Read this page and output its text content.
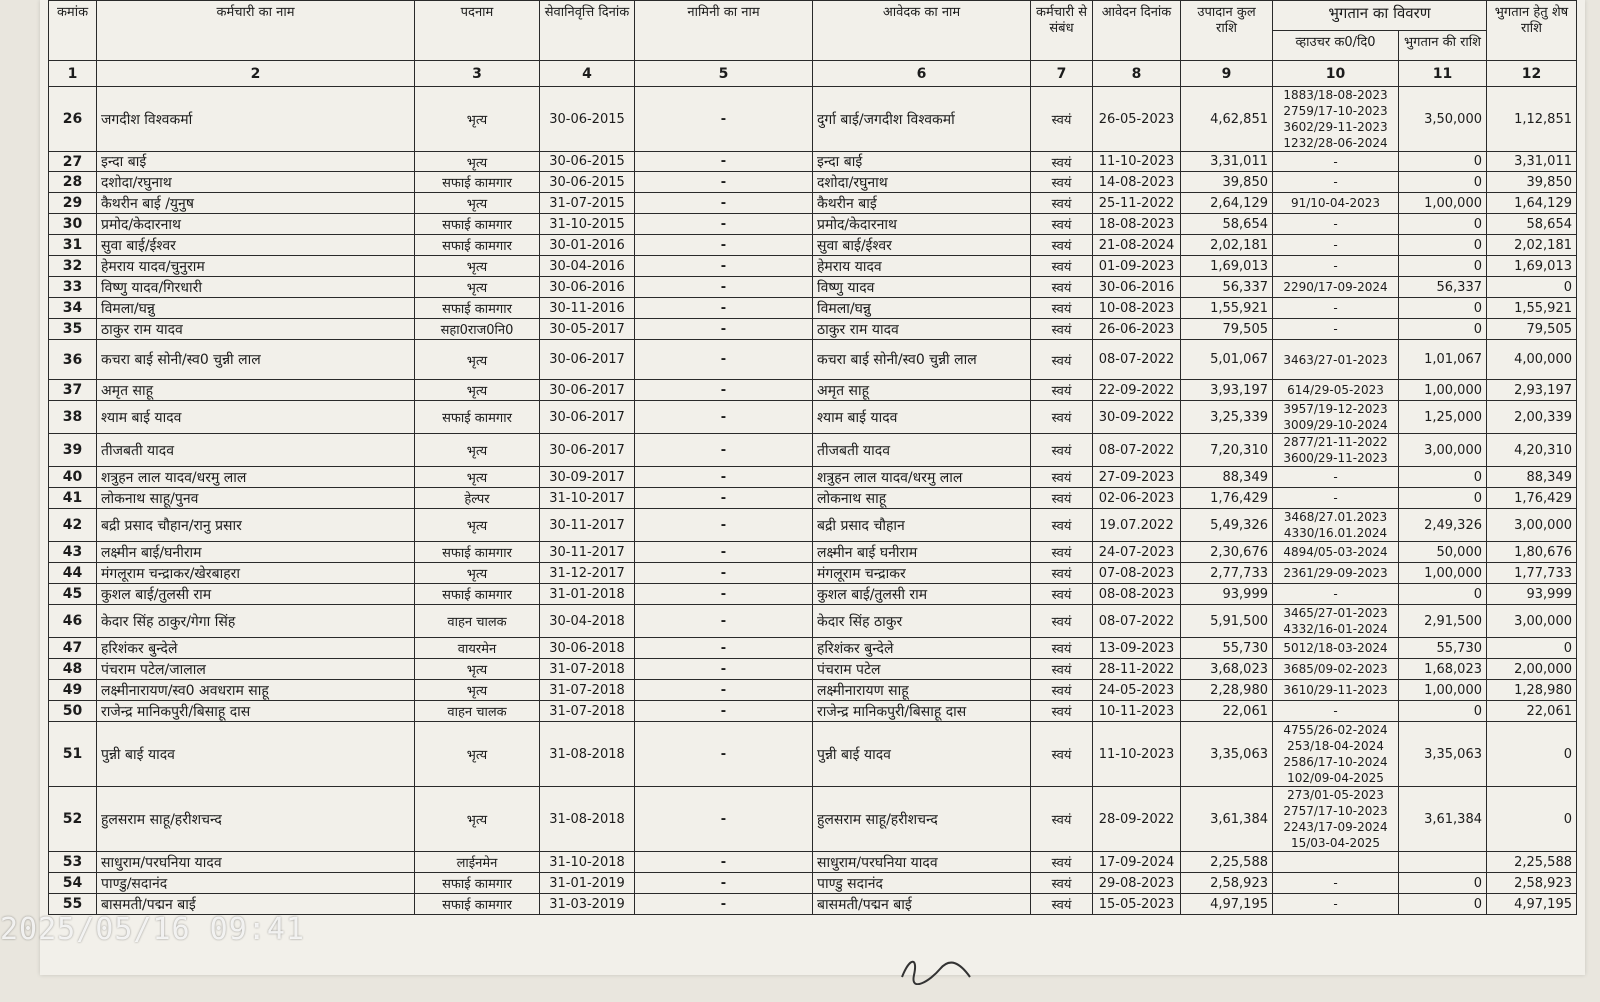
कमांक	कर्मचारी का नाम	पदनाम	सेवानिवृत्ति दिनांक	नामिनी का नाम	आवेदक का नाम	कर्मचारी से संबंध	आवेदन दिनांक	उपादान कुल राशि	भुगतान का विवरण		भुगतान हेतु शेष राशि
									व्हाउचर क0/दि0	भुगतान की राशि	
1	2	3	4	5	6	7	8	9	10	11	12
26	जगदीश विश्वकर्मा	भृत्य	30-06-2015	-	दुर्गा बाई/जगदीश विश्वकर्मा	स्वयं	26-05-2023	4,62,851	1883/18-08-2023 2759/17-10-2023 3602/29-11-2023 1232/28-06-2024	3,50,000	1,12,851
27	इन्दा बाई	भृत्य	30-06-2015	-	इन्दा बाई	स्वयं	11-10-2023	3,31,011	-	0	3,31,011
28	दशोदा/रघुनाथ	सफाई कामगार	30-06-2015	-	दशोदा/रघुनाथ	स्वयं	14-08-2023	39,850	-	0	39,850
29	कैथरीन बाई /युनुष	भृत्य	31-07-2015	-	कैथरीन बाई	स्वयं	25-11-2022	2,64,129	91/10-04-2023	1,00,000	1,64,129
30	प्रमोद/केदारनाथ	सफाई कामगार	31-10-2015	-	प्रमोद/केदारनाथ	स्वयं	18-08-2023	58,654	-	0	58,654
31	सुवा बाई/ईश्वर	सफाई कामगार	30-01-2016	-	सुवा बाई/ईश्वर	स्वयं	21-08-2024	2,02,181	-	0	2,02,181
32	हेमराय यादव/चुनुराम	भृत्य	30-04-2016	-	हेमराय यादव	स्वयं	01-09-2023	1,69,013	-	0	1,69,013
33	विष्णु यादव/गिरधारी	भृत्य	30-06-2016	-	विष्णु यादव	स्वयं	30-06-2016	56,337	2290/17-09-2024	56,337	0
34	विमला/घन्नु	सफाई कामगार	30-11-2016	-	विमला/घन्नु	स्वयं	10-08-2023	1,55,921	-	0	1,55,921
35	ठाकुर राम यादव	सहा0राज0नि0	30-05-2017	-	ठाकुर राम यादव	स्वयं	26-06-2023	79,505	-	0	79,505
36	कचरा बाई सोनी/स्व0 चुन्नी लाल	भृत्य	30-06-2017	-	कचरा बाई सोनी/स्व0 चुन्नी लाल	स्वयं	08-07-2022	5,01,067	3463/27-01-2023	1,01,067	4,00,000
37	अमृत साहू	भृत्य	30-06-2017	-	अमृत साहू	स्वयं	22-09-2022	3,93,197	614/29-05-2023	1,00,000	2,93,197
38	श्याम बाई यादव	सफाई कामगार	30-06-2017	-	श्याम बाई यादव	स्वयं	30-09-2022	3,25,339	3957/19-12-2023 3009/29-10-2024	1,25,000	2,00,339
39	तीजबती यादव	भृत्य	30-06-2017	-	तीजबती यादव	स्वयं	08-07-2022	7,20,310	2877/21-11-2022 3600/29-11-2023	3,00,000	4,20,310
40	शत्रुहन लाल यादव/धरमु लाल	भृत्य	30-09-2017	-	शत्रुहन लाल यादव/धरमु लाल	स्वयं	27-09-2023	88,349	-	0	88,349
41	लोकनाथ साहू/पुनव	हेल्पर	31-10-2017	-	लोकनाथ साहू	स्वयं	02-06-2023	1,76,429	-	0	1,76,429
42	बद्री प्रसाद चौहान/रानु प्रसार	भृत्य	30-11-2017	-	बद्री प्रसाद चौहान	स्वयं	19.07.2022	5,49,326	3468/27.01.2023 4330/16.01.2024	2,49,326	3,00,000
43	लक्ष्मीन बाई/घनीराम	सफाई कामगार	30-11-2017	-	लक्ष्मीन बाई घनीराम	स्वयं	24-07-2023	2,30,676	4894/05-03-2024	50,000	1,80,676
44	मंगलूराम चन्द्राकर/खेरबाहरा	भृत्य	31-12-2017	-	मंगलूराम चन्द्राकर	स्वयं	07-08-2023	2,77,733	2361/29-09-2023	1,00,000	1,77,733
45	कुशल बाई/तुलसी राम	सफाई कामगार	31-01-2018	-	कुशल बाई/तुलसी राम	स्वयं	08-08-2023	93,999	-	0	93,999
46	केदार सिंह ठाकुर/गेगा सिंह	वाहन चालक	30-04-2018	-	केदार सिंह ठाकुर	स्वयं	08-07-2022	5,91,500	3465/27-01-2023 4332/16-01-2024	2,91,500	3,00,000
47	हरिशंकर बुन्देले	वायरमेन	30-06-2018	-	हरिशंकर बुन्देले	स्वयं	13-09-2023	55,730	5012/18-03-2024	55,730	0
48	पंचराम पटेल/जालाल	भृत्य	31-07-2018	-	पंचराम पटेल	स्वयं	28-11-2022	3,68,023	3685/09-02-2023	1,68,023	2,00,000
49	लक्ष्मीनारायण/स्व0 अवधराम साहू	भृत्य	31-07-2018	-	लक्ष्मीनारायण साहू	स्वयं	24-05-2023	2,28,980	3610/29-11-2023	1,00,000	1,28,980
50	राजेन्द्र मानिकपुरी/बिसाहू दास	वाहन चालक	31-07-2018	-	राजेन्द्र मानिकपुरी/बिसाहू दास	स्वयं	10-11-2023	22,061	-	0	22,061
51	पुन्नी बाई यादव	भृत्य	31-08-2018	-	पुन्नी बाई यादव	स्वयं	11-10-2023	3,35,063	4755/26-02-2024 253/18-04-2024 2586/17-10-2024 102/09-04-2025	3,35,063	0
52	हुलसराम साहू/हरीशचन्द	भृत्य	31-08-2018	-	हुलसराम साहू/हरीशचन्द	स्वयं	28-09-2022	3,61,384	273/01-05-2023 2757/17-10-2023 2243/17-09-2024 15/03-04-2025	3,61,384	0
53	साधुराम/परघनिया यादव	लाईनमेन	31-10-2018	-	साधुराम/परघनिया यादव	स्वयं	17-09-2024	2,25,588			2,25,588
54	पाण्डु/सदानंद	सफाई कामगार	31-01-2019	-	पाण्डु सदानंद	स्वयं	29-08-2023	2,58,923	-	0	2,58,923
55	बासमती/पद्मन बाई	सफाई कामगार	31-03-2019	-	बासमती/पद्मन बाई	स्वयं	15-05-2023	4,97,195	-	0	4,97,195
2025/05/16 09:41
